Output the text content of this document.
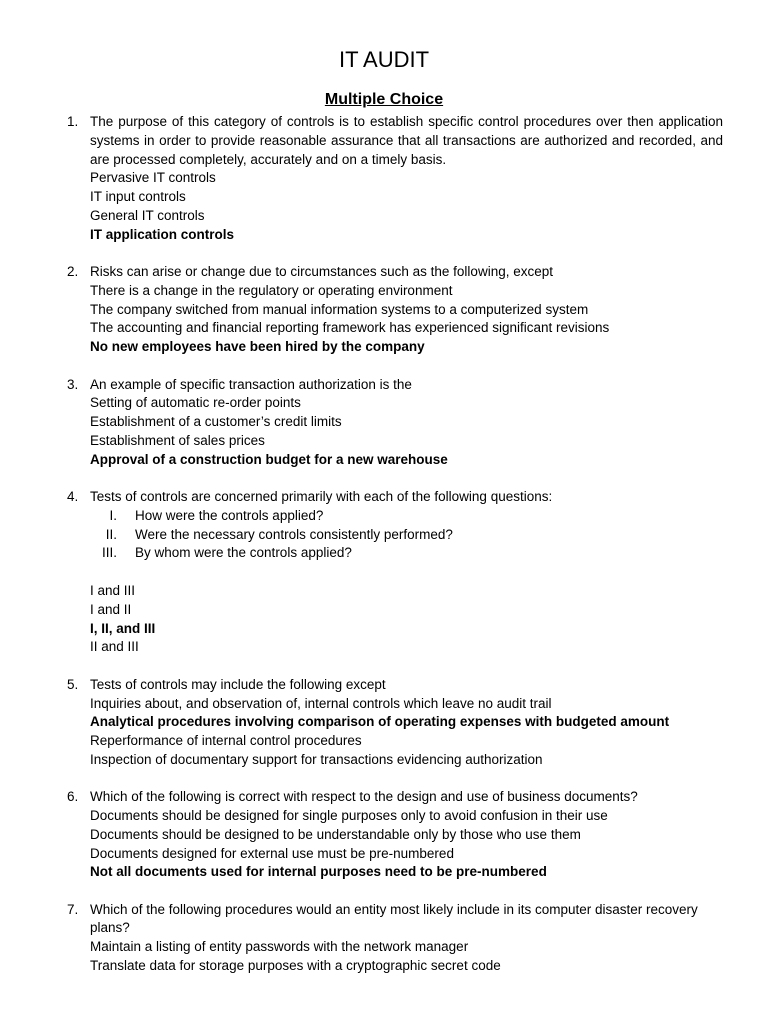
IT AUDIT
Multiple Choice
1. The purpose of this category of controls is to establish specific control procedures over then application systems in order to provide reasonable assurance that all transactions are authorized and recorded, and are processed completely, accurately and on a timely basis.
Pervasive IT controls
IT input controls
General IT controls
IT application controls
2. Risks can arise or change due to circumstances such as the following, except
There is a change in the regulatory or operating environment
The company switched from manual information systems to a computerized system
The accounting and financial reporting framework has experienced significant revisions
No new employees have been hired by the company
3. An example of specific transaction authorization is the
Setting of automatic re-order points
Establishment of a customer’s credit limits
Establishment of sales prices
Approval of a construction budget for a new warehouse
4. Tests of controls are concerned primarily with each of the following questions:
I. How were the controls applied?
II. Were the necessary controls consistently performed?
III. By whom were the controls applied?
I and III
I and II
I, II, and III
II and III
5. Tests of controls may include the following except
Inquiries about, and observation of, internal controls which leave no audit trail
Analytical procedures involving comparison of operating expenses with budgeted amount
Reperformance of internal control procedures
Inspection of documentary support for transactions evidencing authorization
6. Which of the following is correct with respect to the design and use of business documents?
Documents should be designed for single purposes only to avoid confusion in their use
Documents should be designed to be understandable only by those who use them
Documents designed for external use must be pre-numbered
Not all documents used for internal purposes need to be pre-numbered
7. Which of the following procedures would an entity most likely include in its computer disaster recovery plans?
Maintain a listing of entity passwords with the network manager
Translate data for storage purposes with a cryptographic secret code
